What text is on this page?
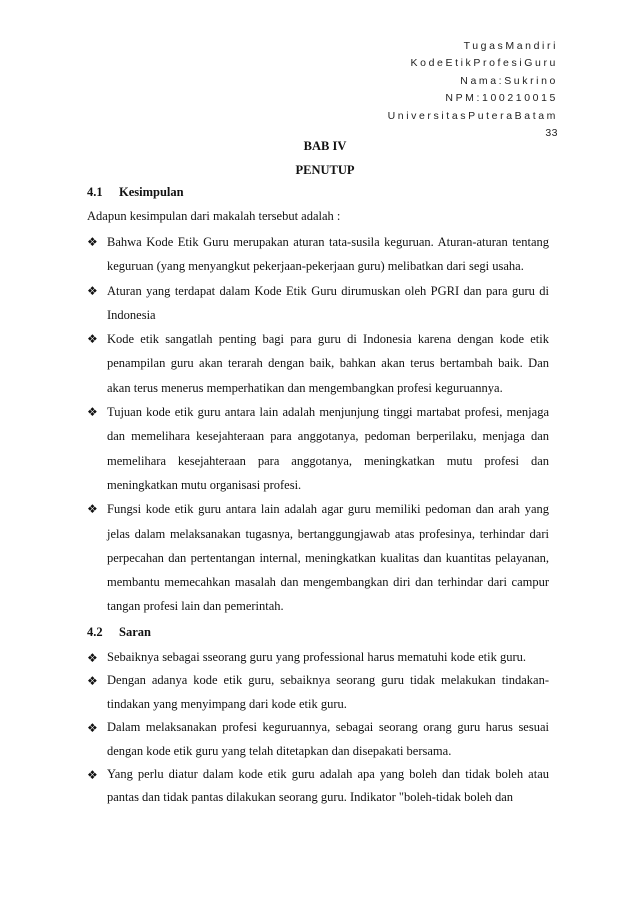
TugasMandiri
KodeEtikProfesiGuru
Nama:Sukrino
NPM:100210015
UniversitasPuteraBatam
33
BAB IV
PENUTUP
4.1 Kesimpulan
Adapun kesimpulan dari makalah tersebut adalah :
❖ Bahwa Kode Etik Guru merupakan aturan tata-susila keguruan. Aturan-aturan tentang keguruan (yang menyangkut pekerjaan-pekerjaan guru) melibatkan dari segi usaha.
❖ Aturan yang terdapat dalam Kode Etik Guru dirumuskan oleh PGRI dan para guru di Indonesia
❖ Kode etik sangatlah penting bagi para guru di Indonesia karena dengan kode etik penampilan guru akan terarah dengan baik, bahkan akan terus bertambah baik. Dan akan terus menerus memperhatikan dan mengembangkan profesi keguruannya.
❖ Tujuan kode etik guru antara lain adalah menjunjung tinggi martabat profesi, menjaga dan memelihara kesejahteraan para anggotanya, pedoman berperilaku, menjaga dan memelihara kesejahteraan para anggotanya, meningkatkan mutu profesi dan meningkatkan mutu organisasi profesi.
❖ Fungsi kode etik guru antara lain adalah agar guru memiliki pedoman dan arah yang jelas dalam melaksanakan tugasnya, bertanggungjawab atas profesinya, terhindar dari perpecahan dan pertentangan internal, meningkatkan kualitas dan kuantitas pelayanan, membantu memecahkan masalah dan mengembangkan diri dan terhindar dari campur tangan profesi lain dan pemerintah.
4.2 Saran
❖ Sebaiknya sebagai sseorang guru yang professional harus mematuhi kode etik guru.
❖ Dengan adanya kode etik guru, sebaiknya seorang guru tidak melakukan tindakan-tindakan yang menyimpang dari kode etik guru.
❖ Dalam melaksanakan profesi keguruannya, sebagai seorang orang guru harus sesuai dengan kode etik guru yang telah ditetapkan dan disepakati bersama.
❖ Yang perlu diatur dalam kode etik guru adalah apa yang boleh dan tidak boleh atau pantas dan tidak pantas dilakukan seorang guru. Indikator "boleh-tidak boleh dan
